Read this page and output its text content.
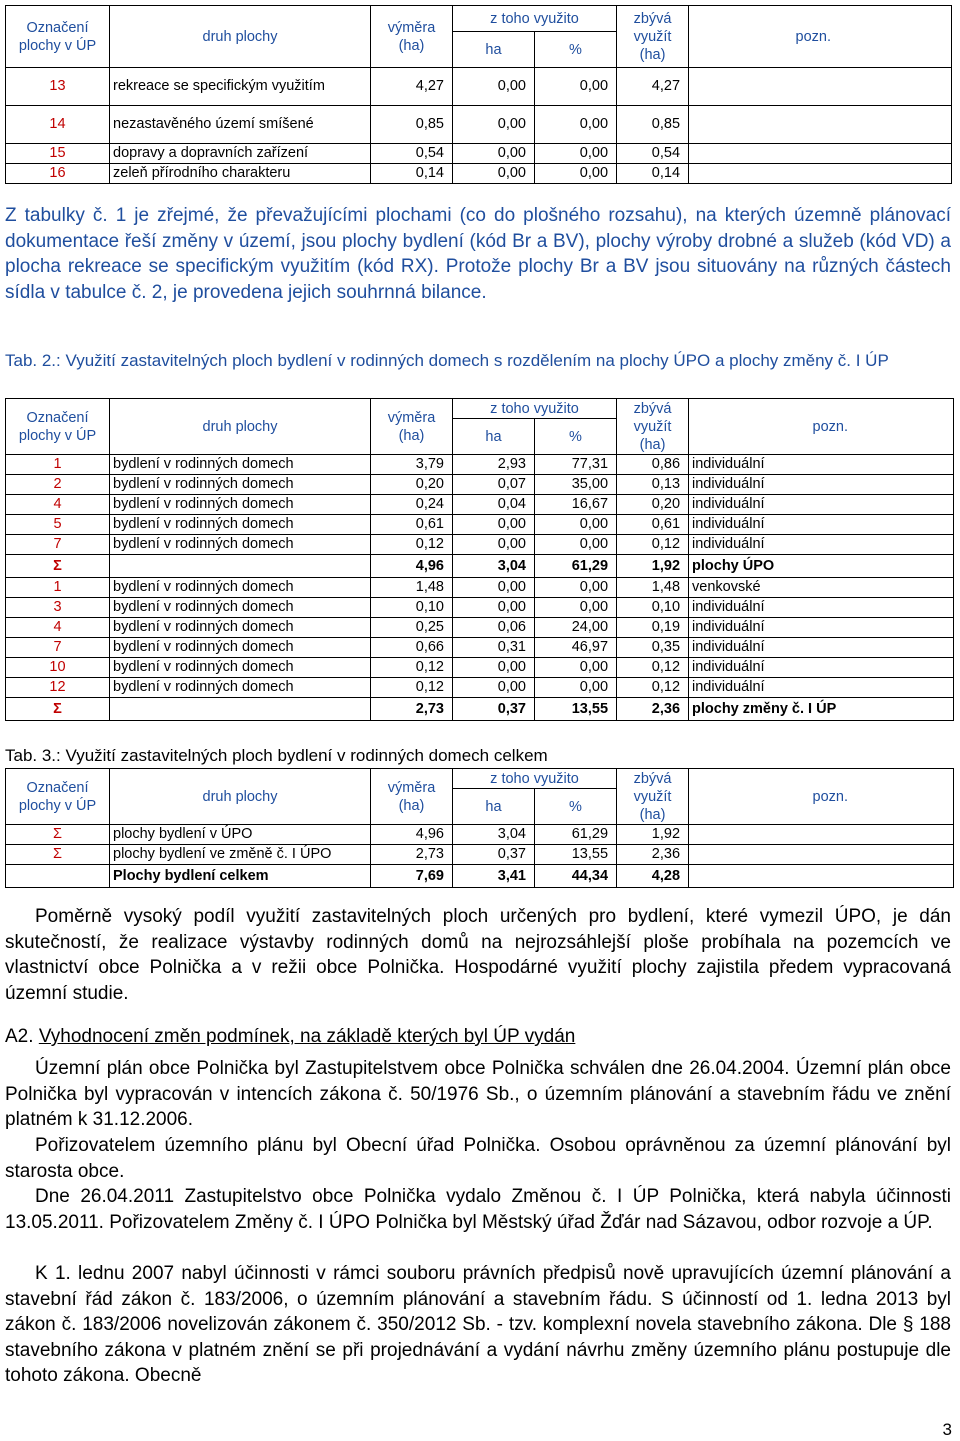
Označení plochy v ÚP	druh plochy	výměra (ha)	z toho využito		zbývá využít (ha)	pozn.
			ha	%		
13	rekreace se specifickým využitím	4,27	0,00	0,00	4,27	
14	nezastavěného území smíšené	0,85	0,00	0,00	0,85	
15	dopravy a dopravních zařízení	0,54	0,00	0,00	0,54	
16	zeleň přírodního charakteru	0,14	0,00	0,00	0,14	

Z tabulky č. 1 je zřejmé, že převažujícími plochami (co do plošného rozsahu), na kterých územně plánovací dokumentace řeší změny v území, jsou plochy bydlení (kód Br a BV), plochy výroby drobné a služeb (kód VD) a plocha rekreace se specifickým využitím (kód RX). Protože plochy Br a BV jsou situovány na různých částech sídla v tabulce č. 2, je provedena jejich souhrnná bilance.

Tab. 2.: Využití zastavitelných ploch bydlení v rodinných domech s rozdělením na plochy ÚPO a plochy změny č. I ÚP

Označení plochy v ÚP	druh plochy	výměra (ha)	z toho využito		zbývá využít (ha)	pozn.
			ha	%		
1	bydlení v rodinných domech	3,79	2,93	77,31	0,86	individuální
2	bydlení v rodinných domech	0,20	0,07	35,00	0,13	individuální
4	bydlení v rodinných domech	0,24	0,04	16,67	0,20	individuální
5	bydlení v rodinných domech	0,61	0,00	0,00	0,61	individuální
7	bydlení v rodinných domech	0,12	0,00	0,00	0,12	individuální
Σ		4,96	3,04	61,29	1,92	plochy ÚPO
1	bydlení v rodinných domech	1,48	0,00	0,00	1,48	venkovské
3	bydlení v rodinných domech	0,10	0,00	0,00	0,10	individuální
4	bydlení v rodinných domech	0,25	0,06	24,00	0,19	individuální
7	bydlení v rodinných domech	0,66	0,31	46,97	0,35	individuální
10	bydlení v rodinných domech	0,12	0,00	0,00	0,12	individuální
12	bydlení v rodinných domech	0,12	0,00	0,00	0,12	individuální
Σ		2,73	0,37	13,55	2,36	plochy změny č. I ÚP

Tab. 3.: Využití zastavitelných ploch bydlení v rodinných domech celkem

Označení plochy v ÚP	druh plochy	výměra (ha)	z toho využito		zbývá využít (ha)	pozn.
			ha	%		
Σ	plochy bydlení v ÚPO	4,96	3,04	61,29	1,92	
Σ	plochy bydlení ve změně č. I ÚPO	2,73	0,37	13,55	2,36	
	Plochy bydlení celkem	7,69	3,41	44,34	4,28	

Poměrně vysoký podíl využití zastavitelných ploch určených pro bydlení, které vymezil ÚPO, je dán skutečností, že realizace výstavby rodinných domů na nejrozsáhlejší ploše probíhala na pozemcích ve vlastnictví obce Polnička a v režii obce Polnička. Hospodárné využití plochy zajistila předem vypracovaná územní studie.

A2. Vyhodnocení změn podmínek, na základě kterých byl ÚP vydán

Územní plán obce Polnička byl Zastupitelstvem obce Polnička schválen dne 26.04.2004. Územní plán obce Polnička byl vypracován v intencích zákona č. 50/1976 Sb., o územním plánování a stavebním řádu ve znění platném k 31.12.2006.

Pořizovatelem územního plánu byl Obecní úřad Polnička. Osobou oprávněnou za územní plánování byl starosta obce.

Dne 26.04.2011 Zastupitelstvo obce Polnička vydalo Změnou č. I ÚP Polnička, která nabyla účinnosti 13.05.2011. Pořizovatelem Změny č. I ÚPO Polnička byl Městský úřad Žďár nad Sázavou, odbor rozvoje a ÚP.

K 1. lednu 2007 nabyl účinnosti v rámci souboru právních předpisů nově upravujících územní plánování a stavební řád zákon č. 183/2006, o územním plánování a stavebním řádu. S účinností od 1. ledna 2013 byl zákon č. 183/2006 novelizován zákonem č. 350/2012 Sb. - tzv. komplexní novela stavebního zákona. Dle § 188 stavebního zákona v platném znění se při projednávání a vydání návrhu změny územního plánu postupuje dle tohoto zákona. Obecně

3
